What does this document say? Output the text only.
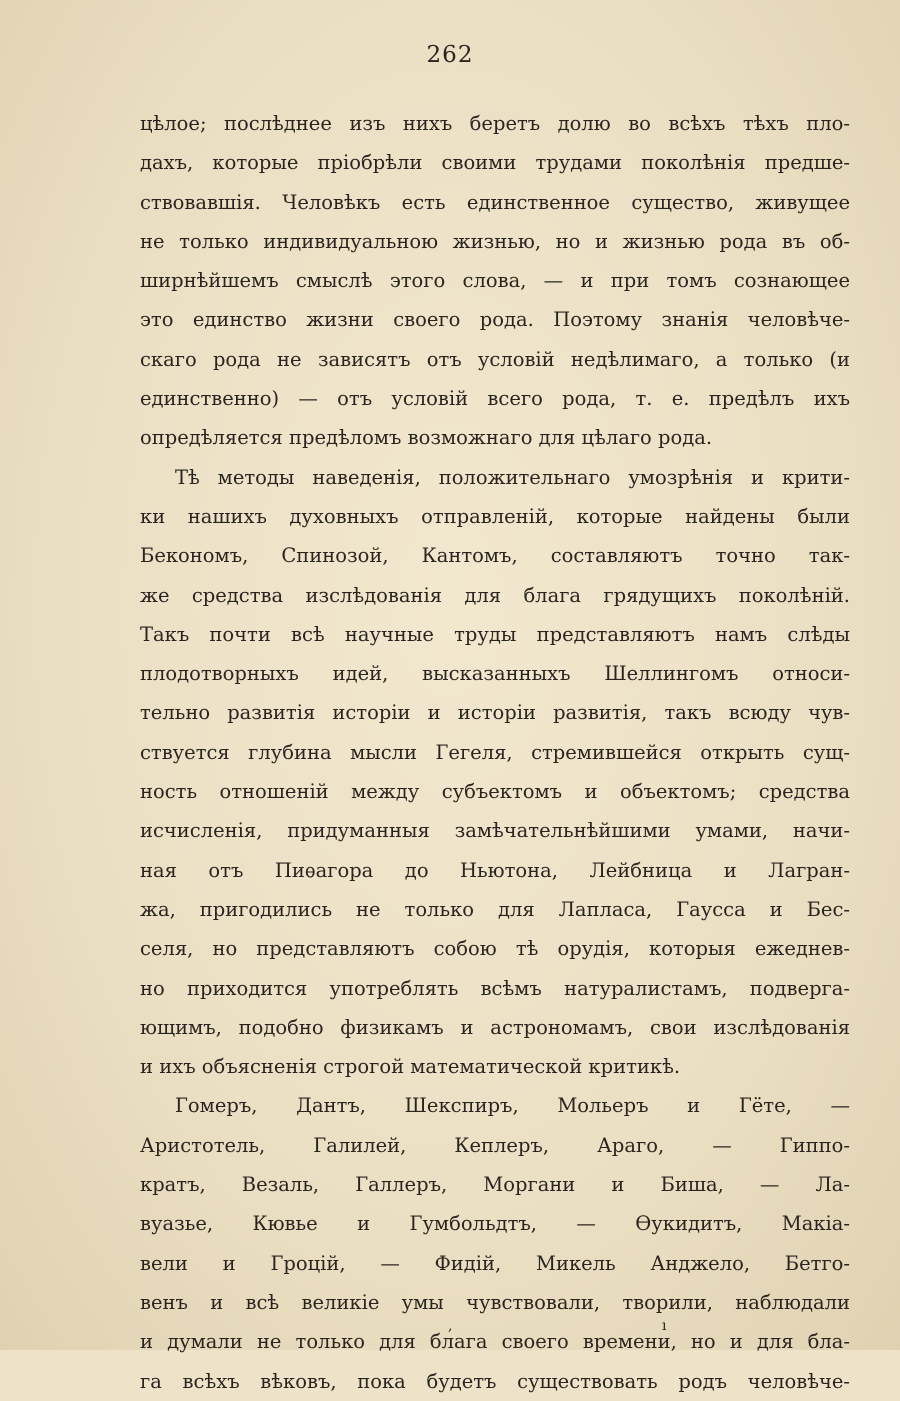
262
цѣлое; послѣднее изъ нихъ беретъ долю во всѣхъ тѣхъ пло-
дахъ, которые пріобрѣли своими трудами поколѣнія предше-
ствовавшія. Человѣкъ есть единственное существо, живущее
не только индивидуальною жизнью, но и жизнью рода въ об-
ширнѣйшемъ смыслѣ этого слова, — и при томъ сознающее
это единство жизни своего рода. Поэтому знанія человѣче-
скаго рода не зависятъ отъ условій недѣлимаго, а только (и
единственно) — отъ условій всего рода, т. е. предѣлъ ихъ
опредѣляется предѣломъ возможнаго для цѣлаго рода.
Тѣ методы наведенія, положительнаго умозрѣнія и крити-
ки нашихъ духовныхъ отправленій, которые найдены были
Бекономъ, Спинозой, Кантомъ, составляютъ точно так-
же средства изслѣдованія для блага грядущихъ поколѣній.
Такъ почти всѣ научные труды представляютъ намъ слѣды
плодотворныхъ идей, высказанныхъ Шеллингомъ относи-
тельно развитія исторіи и исторіи развитія, такъ всюду чув-
ствуется глубина мысли Гегеля, стремившейся открыть сущ-
ность отношеній между субъектомъ и объектомъ; средства
исчисленія, придуманныя замѣчательнѣйшими умами, начи-
ная отъ Пиѳагора до Ньютона, Лейбница и Лагран-
жа, пригодились не только для Лапласа, Гаусса и Бес-
селя, но представляютъ собою тѣ орудія, которыя ежеднев-
но приходится употреблять всѣмъ натуралистамъ, подверга-
ющимъ, подобно физикамъ и астрономамъ, свои изслѣдованія
и ихъ объясненія строгой математической критикѣ.
Гомеръ, Дантъ, Шекспиръ, Мольеръ и Гёте, —
Аристотель, Галилей, Кеплеръ, Араго, — Гиппо-
кратъ, Везаль, Галлеръ, Моргани и Биша, — Ла-
вуазье, Кювье и Гумбольдтъ, — Ѳукидитъ, Макіа-
вели и Гроцій, — Фидій, Микель Анджело, Бетго-
венъ и всѣ великіе умы чувствовали, творили, наблюдали
и думали не только для блага своего времени, но и для бла-
га всѣхъ вѣковъ, пока будетъ существовать родъ человѣче-
,	ı
